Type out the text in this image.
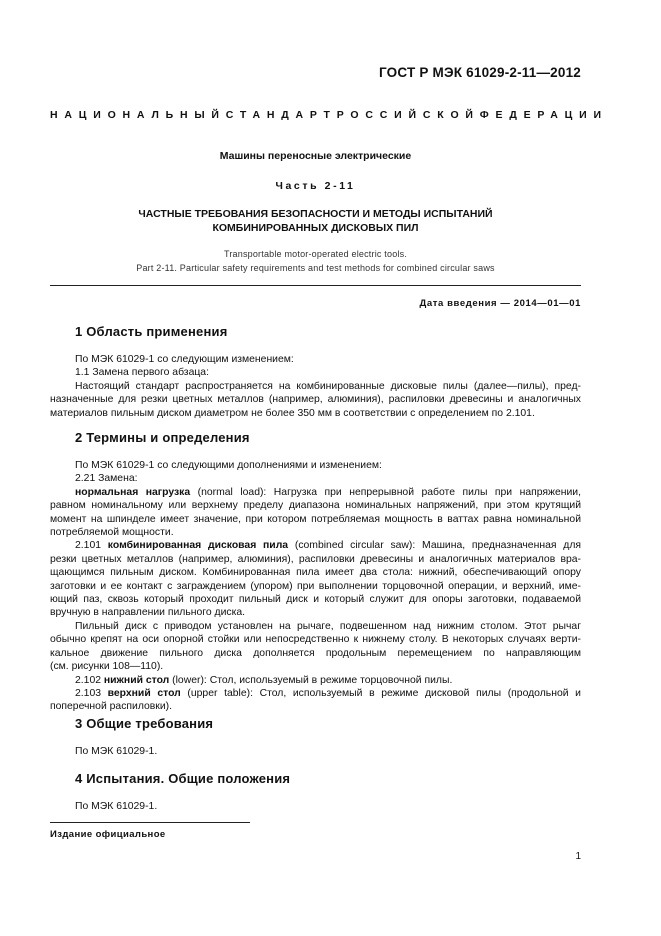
ГОСТ Р МЭК 61029-2-11—2012
НАЦИОНАЛЬНЫЙ СТАНДАРТ РОССИЙСКОЙ ФЕДЕРАЦИИ
Машины переносные электрические
Часть 2-11
ЧАСТНЫЕ ТРЕБОВАНИЯ БЕЗОПАСНОСТИ И МЕТОДЫ ИСПЫТАНИЙ
КОМБИНИРОВАННЫХ ДИСКОВЫХ ПИЛ
Transportable motor-operated electric tools.
Part 2-11. Particular safety requirements and test methods for combined circular saws
Дата введения — 2014—01—01
1 Область применения

По МЭК 61029-1 со следующим изменением:

1.1 Замена первого абзаца:

Настоящий стандарт распространяется на комбинированные дисковые пилы (далее—пилы), пред-

назначенные для резки цветных металлов (например, алюминия), распиловки древесины и аналогичных

материалов пильным диском диаметром не более 350 мм в соответствии с определением по 2.101.

2 Термины и определения

По МЭК 61029-1 со следующими дополнениями и изменением:

2.21 Замена:

нормальная нагрузка (normal load): Нагрузка при непрерывной работе пилы при напряжении,

равном номинальному или верхнему пределу диапазона номинальных напряжений, при этом крутящий

момент на шпинделе имеет значение, при котором потребляемая мощность в ваттах равна номинальной

потребляемой мощности.

2.101 комбинированная дисковая пила (combined circular saw): Машина, предназначенная для

резки цветных металлов (например, алюминия), распиловки древесины и аналогичных материалов вра-

щающимся пильным диском. Комбинированная пила имеет два стола: нижний, обеспечивающий опору

заготовки и ее контакт с заграждением (упором) при выполнении торцовочной операции, и верхний, име-

ющий паз, сквозь который проходит пильный диск и который служит для опоры заготовки, подаваемой

вручную в направлении пильного диска.

Пильный диск с приводом установлен на рычаге, подвешенном над нижним столом. Этот рычаг

обычно крепят на оси опорной стойки или непосредственно к нижнему столу. В некоторых случаях верти-

кальное движение пильного диска дополняется продольным перемещением по направляющим

(см. рисунки 108—110).

2.102 нижний стол (lower): Стол, используемый в режиме торцовочной пилы.

2.103 верхний стол (upper table): Стол, используемый в режиме дисковой пилы (продольной и

поперечной распиловки).

3 Общие требования

По МЭК 61029-1.

4 Испытания. Общие положения

По МЭК 61029-1.

Издание официальное
1
